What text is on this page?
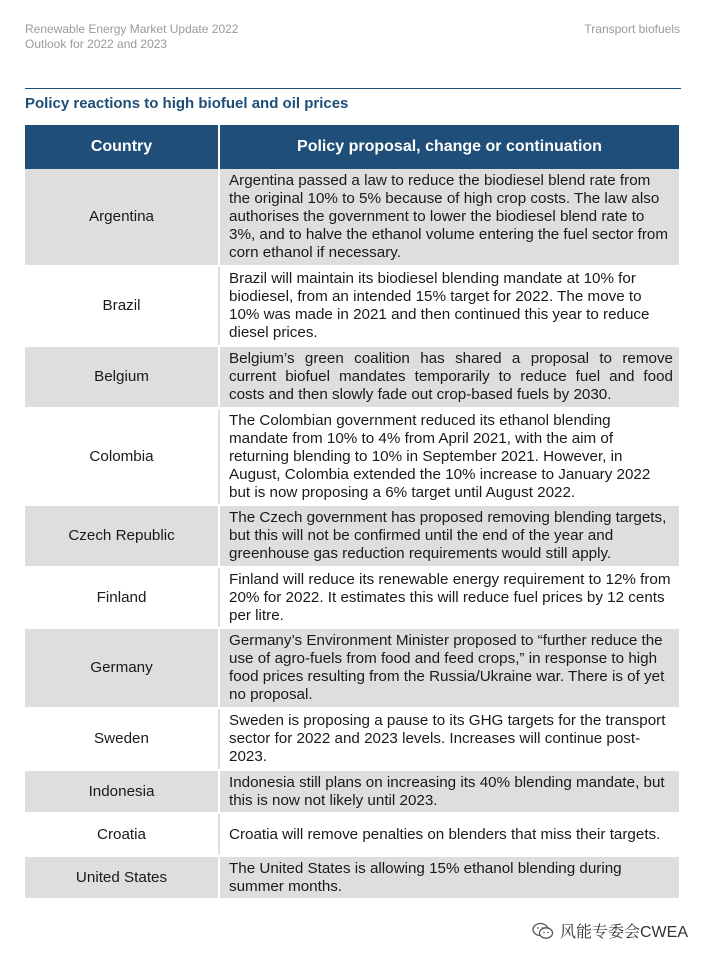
Renewable Energy Market Update 2022
Outlook for 2022 and 2023
Transport biofuels
Policy reactions to high biofuel and oil prices
Country	Policy proposal, change or continuation
Argentina	Argentina passed a law to reduce the biodiesel blend rate from the original 10% to 5% because of high crop costs. The law also authorises the government to lower the biodiesel blend rate to 3%, and to halve the ethanol volume entering the fuel sector from corn ethanol if necessary.
Brazil	Brazil will maintain its biodiesel blending mandate at 10% for biodiesel, from an intended 15% target for 2022. The move to 10% was made in 2021 and then continued this year to reduce diesel prices.
Belgium	Belgium’s green coalition has shared a proposal to remove current biofuel mandates temporarily to reduce fuel and food costs and then slowly fade out crop-based fuels by 2030.
Colombia	The Colombian government reduced its ethanol blending mandate from 10% to 4% from April 2021, with the aim of returning blending to 10% in September 2021. However, in August, Colombia extended the 10% increase to January 2022 but is now proposing a 6% target until August 2022.
Czech Republic	The Czech government has proposed removing blending targets, but this will not be confirmed until the end of the year and greenhouse gas reduction requirements would still apply.
Finland	Finland will reduce its renewable energy requirement to 12% from 20% for 2022. It estimates this will reduce fuel prices by 12 cents per litre.
Germany	Germany’s Environment Minister proposed to “further reduce the use of agro-fuels from food and feed crops,” in response to high food prices resulting from the Russia/Ukraine war. There is of yet no proposal.
Sweden	Sweden is proposing a pause to its GHG targets for the transport sector for 2022 and 2023 levels. Increases will continue post-2023.
Indonesia	Indonesia still plans on increasing its 40% blending mandate, but this is now not likely until 2023.
Croatia	Croatia will remove penalties on blenders that miss their targets.
United States	The United States is allowing 15% ethanol blending during summer months.
风能专委会CWEA
